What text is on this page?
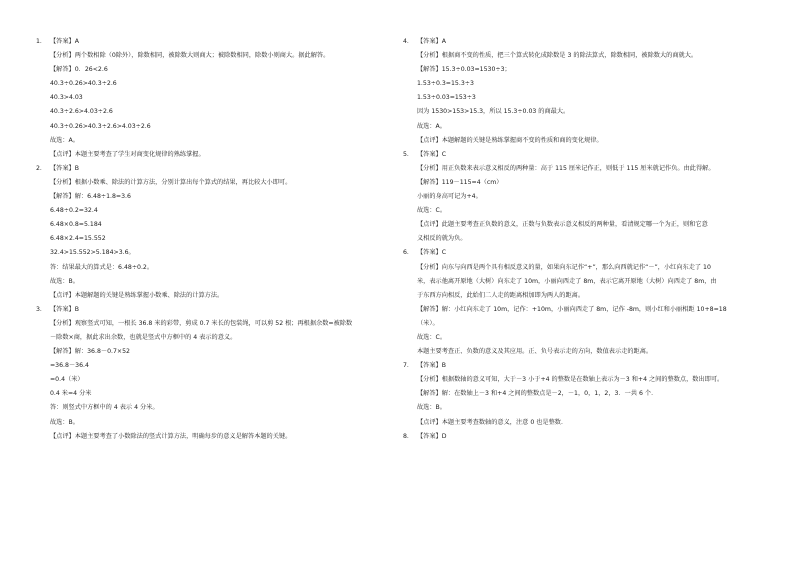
1． 【答案】A

【分析】两个数相除（0除外），除数相同，被除数大则商大；被除数相同，除数小则商大。据此解答。

【解答】0．26<2.6

40.3÷0.26>40.3÷2.6

40.3>4.03

40.3÷2.6>4.03÷2.6

40.3÷0.26>40.3÷2.6>4.03÷2.6

故选：A。

【点评】本题主要考查了学生对商变化规律的熟练掌握。

2． 【答案】B

【分析】根据小数乘、除法的计算方法，分别计算出每个算式的结果，再比较大小即可。

【解答】解：6.48÷1.8=3.6

6.48÷0.2=32.4

6.48×0.8=5.184

6.48×2.4=15.552

32.4>15.552>5.184>3.6。

答：结果最大的算式是：6.48÷0.2。

故选：B。

【点评】本题解题的关键是熟练掌握小数乘、除法的计算方法。

3． 【答案】B

【分析】观察竖式可知，一根长 36.8 米的彩带，剪成 0.7 米长的包装绳，可以剪 52 根；再根据余数=被除数

－除数×商，据此求出余数，也就是竖式中方框中的 4 表示的意义。

【解答】解：36.8－0.7×52

=36.8－36.4

=0.4（米）

0.4 米=4 分米

答：则竖式中方框中的 4 表示 4 分米。

故选：B。

【点评】本题主要考查了小数除法的竖式计算方法，明确每步的意义是解答本题的关键。

4． 【答案】A

【分析】根据商不变的性质，把三个算式转化成除数是 3 的除法算式，除数相同，被除数大的商就大。

【解答】15.3÷0.03=1530÷3；

1.53÷0.3=15.3÷3

1.53÷0.03=153÷3

因为 1530>153>15.3，所以 15.3÷0.03 的商最大。

故选：A。

【点评】本题解题的关键是熟练掌握商不变的性质和商的变化规律。

5． 【答案】C

【分析】用正负数来表示意义相反的两种量：高于 115 厘米记作正，则低于 115 厘米就记作负。由此得解。

【解答】119－115=4（cm）

小丽的身高可记为+4。

故选：C。

【点评】此题主要考查正负数的意义，正数与负数表示意义相反的两种量，看清规定哪一个为正，则和它意

义相反的就为负。

6． 【答案】C

【分析】向东与向西是两个具有相反意义的量，如果向东记作“+”，那么向西就记作“－”，小红向东走了 10

米，表示他离开原地（大树）向东走了 10m，小丽向西走了 8m，表示它离开原地（大树）向西走了 8m，由

于东西方向相反，此始们二人走的距离相加即为两人的距离。

【解答】解：小红向东走了 10m，记作：+10m，小丽向西走了 8m，记作 -8m，则小红和小丽相距 10+8=18

（米）。

故选：C。

本题主要考查正、负数的意义及其应用。正、负号表示走的方向，数值表示走的距离。

7． 【答案】B

【分析】根据数轴的意义可知，大于－3 小于+4 的整数是在数轴上表示为－3 和+4 之间的整数点，数出即可。

【解答】解：在数轴上－3 和+4 之间的整数点是－2，－1，0，1，2，3．一共 6 个．

故选：B。

【点评】本题主要考查数轴的意义，注意 0 也是整数．

8． 【答案】D
